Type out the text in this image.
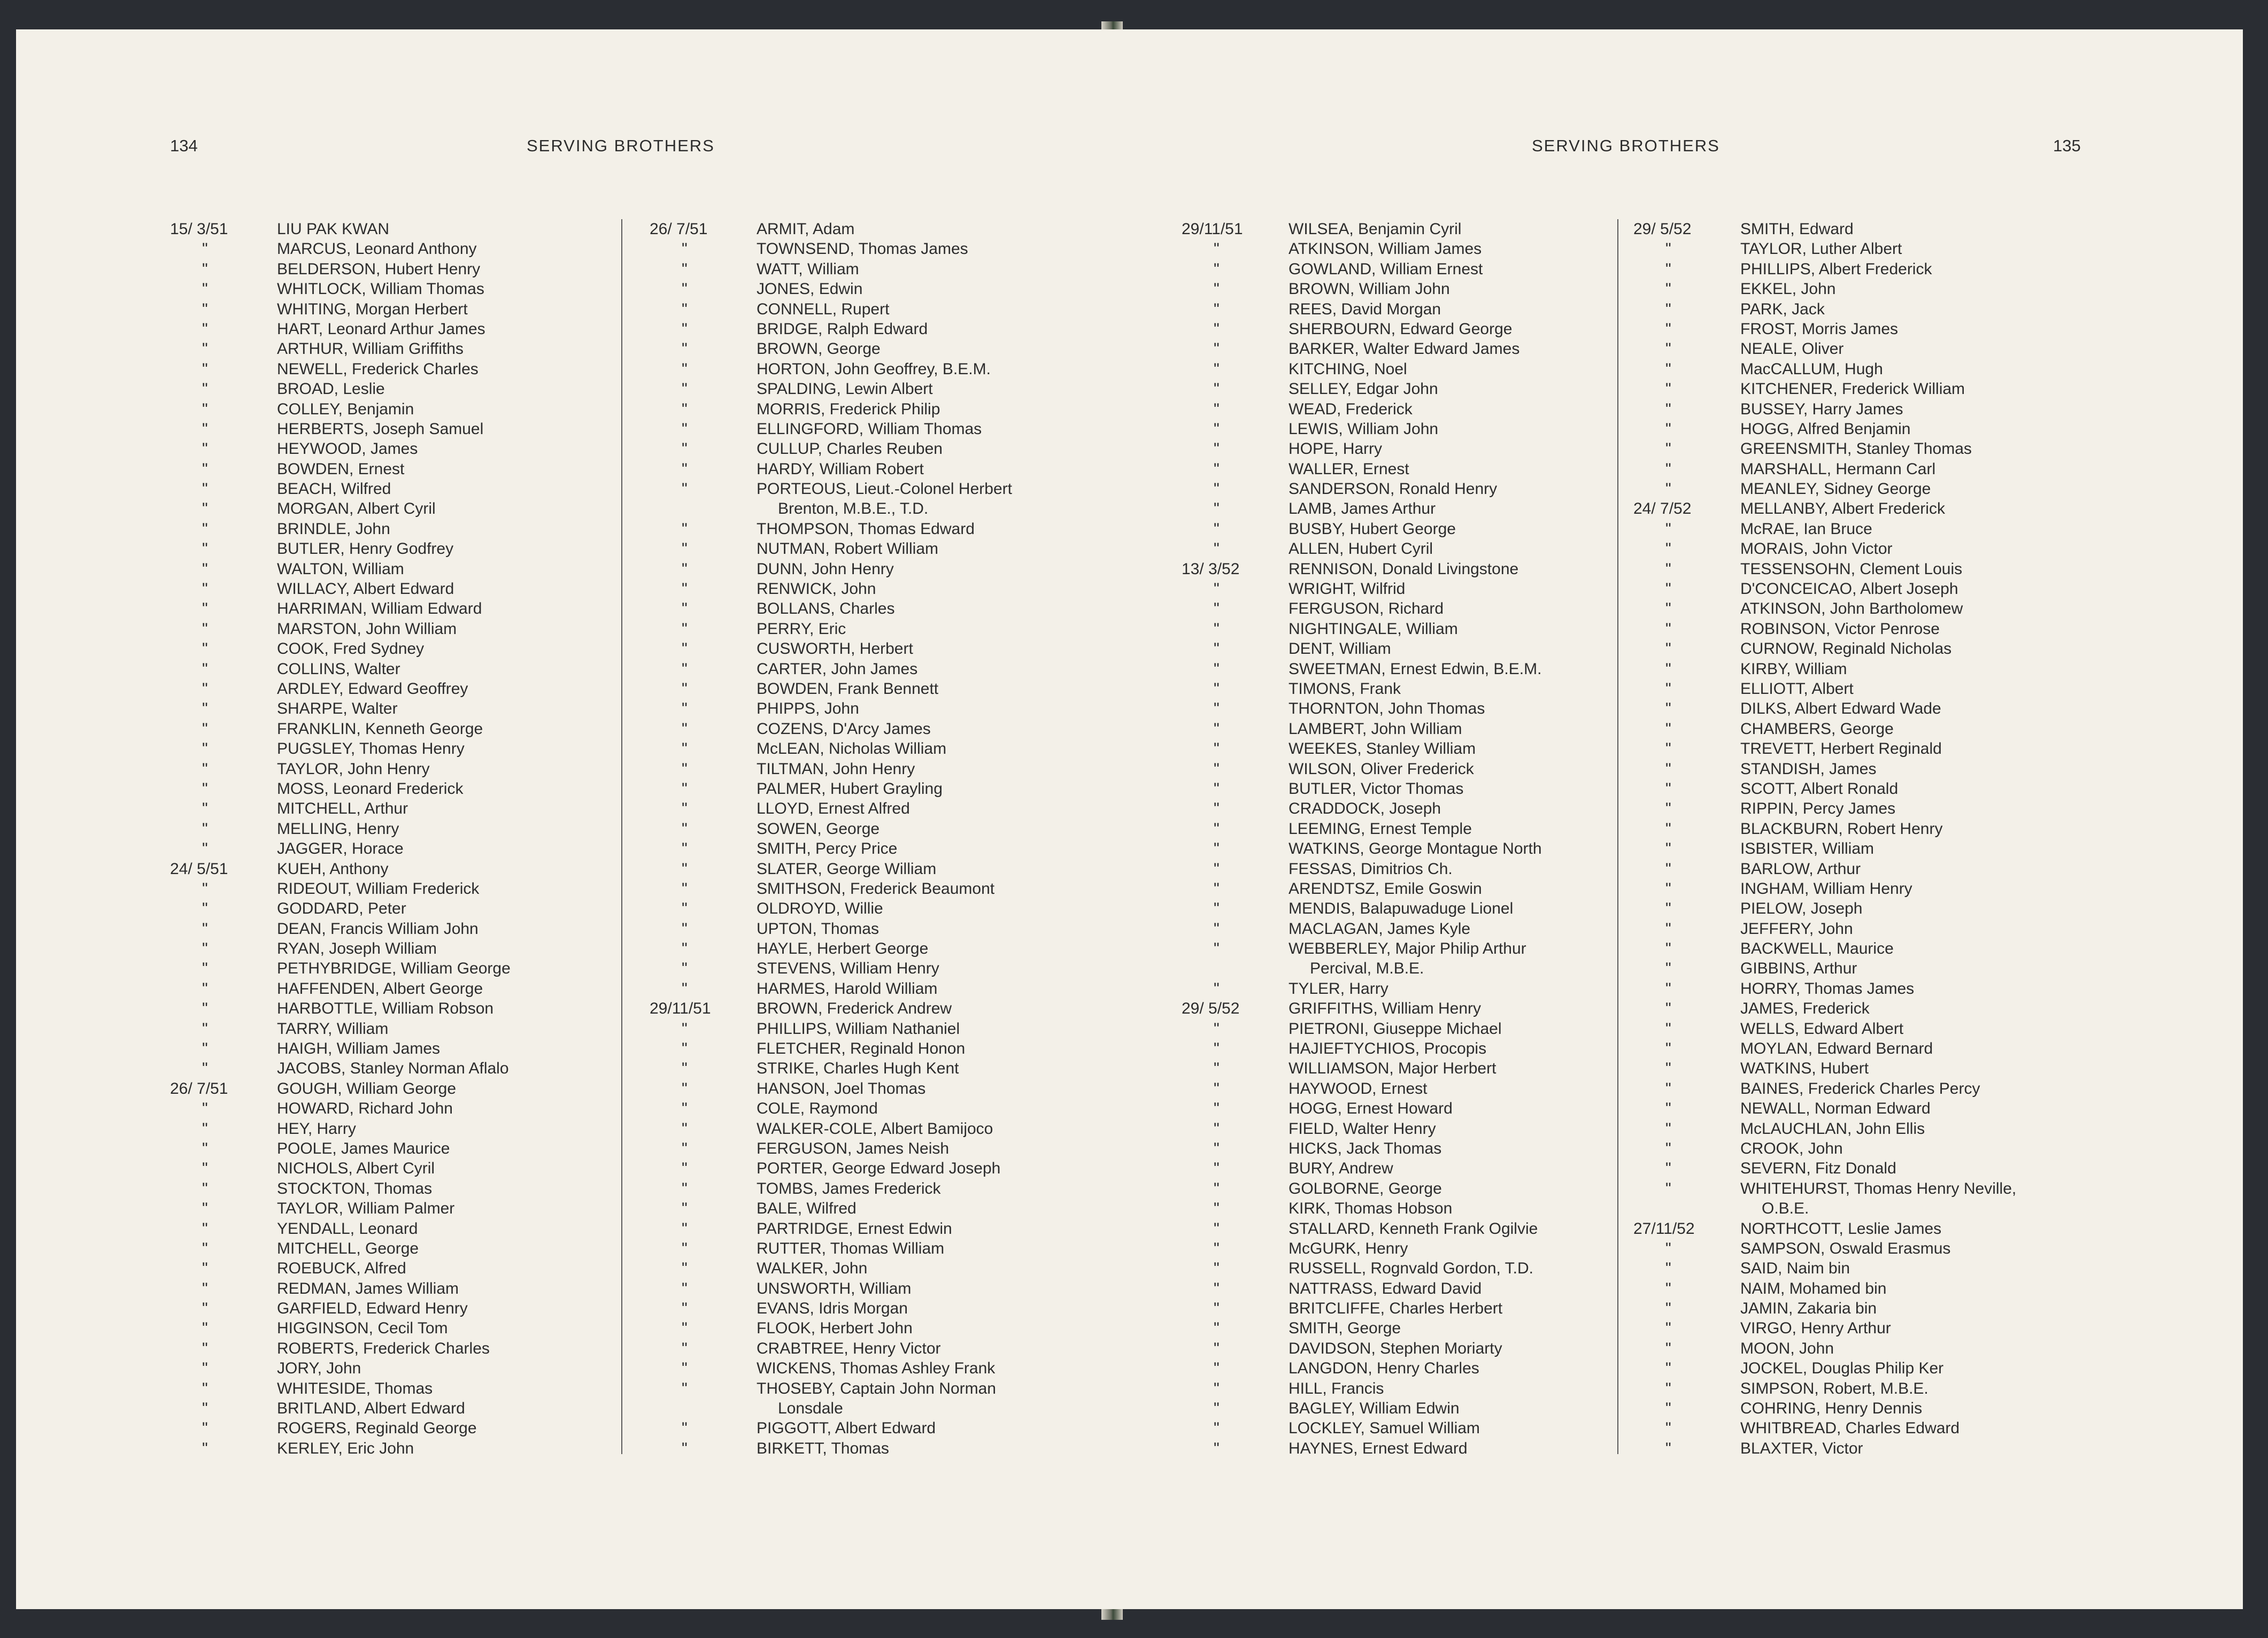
134	SERVING BROTHERS
15/ 3/51	LIU PAK KWAN
"	MARCUS, Leonard Anthony
"	BELDERSON, Hubert Henry
"	WHITLOCK, William Thomas
"	WHITING, Morgan Herbert
"	HART, Leonard Arthur James
"	ARTHUR, William Griffiths
"	NEWELL, Frederick Charles
"	BROAD, Leslie
"	COLLEY, Benjamin
"	HERBERTS, Joseph Samuel
"	HEYWOOD, James
"	BOWDEN, Ernest
"	BEACH, Wilfred
"	MORGAN, Albert Cyril
"	BRINDLE, John
"	BUTLER, Henry Godfrey
"	WALTON, William
"	WILLACY, Albert Edward
"	HARRIMAN, William Edward
"	MARSTON, John William
"	COOK, Fred Sydney
"	COLLINS, Walter
"	ARDLEY, Edward Geoffrey
"	SHARPE, Walter
"	FRANKLIN, Kenneth George
"	PUGSLEY, Thomas Henry
"	TAYLOR, John Henry
"	MOSS, Leonard Frederick
"	MITCHELL, Arthur
"	MELLING, Henry
"	JAGGER, Horace
24/ 5/51	KUEH, Anthony
"	RIDEOUT, William Frederick
"	GODDARD, Peter
"	DEAN, Francis William John
"	RYAN, Joseph William
"	PETHYBRIDGE, William George
"	HAFFENDEN, Albert George
"	HARBOTTLE, William Robson
"	TARRY, William
"	HAIGH, William James
"	JACOBS, Stanley Norman Aflalo
26/ 7/51	GOUGH, William George
"	HOWARD, Richard John
"	HEY, Harry
"	POOLE, James Maurice
"	NICHOLS, Albert Cyril
"	STOCKTON, Thomas
"	TAYLOR, William Palmer
"	YENDALL, Leonard
"	MITCHELL, George
"	ROEBUCK, Alfred
"	REDMAN, James William
"	GARFIELD, Edward Henry
"	HIGGINSON, Cecil Tom
"	ROBERTS, Frederick Charles
"	JORY, John
"	WHITESIDE, Thomas
"	BRITLAND, Albert Edward
"	ROGERS, Reginald George
"	KERLEY, Eric John
26/ 7/51	ARMIT, Adam
"	TOWNSEND, Thomas James
"	WATT, William
"	JONES, Edwin
"	CONNELL, Rupert
"	BRIDGE, Ralph Edward
"	BROWN, George
"	HORTON, John Geoffrey, B.E.M.
"	SPALDING, Lewin Albert
"	MORRIS, Frederick Philip
"	ELLINGFORD, William Thomas
"	CULLUP, Charles Reuben
"	HARDY, William Robert
"	PORTEOUS, Lieut.-Colonel Herbert
Brenton, M.B.E., T.D.
"	THOMPSON, Thomas Edward
"	NUTMAN, Robert William
"	DUNN, John Henry
"	RENWICK, John
"	BOLLANS, Charles
"	PERRY, Eric
"	CUSWORTH, Herbert
"	CARTER, John James
"	BOWDEN, Frank Bennett
"	PHIPPS, John
"	COZENS, D'Arcy James
"	McLEAN, Nicholas William
"	TILTMAN, John Henry
"	PALMER, Hubert Grayling
"	LLOYD, Ernest Alfred
"	SOWEN, George
"	SMITH, Percy Price
"	SLATER, George William
"	SMITHSON, Frederick Beaumont
"	OLDROYD, Willie
"	UPTON, Thomas
"	HAYLE, Herbert George
"	STEVENS, William Henry
"	HARMES, Harold William
29/11/51	BROWN, Frederick Andrew
"	PHILLIPS, William Nathaniel
"	FLETCHER, Reginald Honon
"	STRIKE, Charles Hugh Kent
"	HANSON, Joel Thomas
"	COLE, Raymond
"	WALKER-COLE, Albert Bamijoco
"	FERGUSON, James Neish
"	PORTER, George Edward Joseph
"	TOMBS, James Frederick
"	BALE, Wilfred
"	PARTRIDGE, Ernest Edwin
"	RUTTER, Thomas William
"	WALKER, John
"	UNSWORTH, William
"	EVANS, Idris Morgan
"	FLOOK, Herbert John
"	CRABTREE, Henry Victor
"	WICKENS, Thomas Ashley Frank
"	THOSEBY, Captain John Norman
Lonsdale
"	PIGGOTT, Albert Edward
"	BIRKETT, Thomas
135
SERVING BROTHERS
29/11/51	WILSEA, Benjamin Cyril
"	ATKINSON, William James
"	GOWLAND, William Ernest
"	BROWN, William John
"	REES, David Morgan
"	SHERBOURN, Edward George
"	BARKER, Walter Edward James
"	KITCHING, Noel
"	SELLEY, Edgar John
"	WEAD, Frederick
"	LEWIS, William John
"	HOPE, Harry
"	WALLER, Ernest
"	SANDERSON, Ronald Henry
"	LAMB, James Arthur
"	BUSBY, Hubert George
"	ALLEN, Hubert Cyril
13/ 3/52	RENNISON, Donald Livingstone
"	WRIGHT, Wilfrid
"	FERGUSON, Richard
"	NIGHTINGALE, William
"	DENT, William
"	SWEETMAN, Ernest Edwin, B.E.M.
"	TIMONS, Frank
"	THORNTON, John Thomas
"	LAMBERT, John William
"	WEEKES, Stanley William
"	WILSON, Oliver Frederick
"	BUTLER, Victor Thomas
"	CRADDOCK, Joseph
"	LEEMING, Ernest Temple
"	WATKINS, George Montague North
"	FESSAS, Dimitrios Ch.
"	ARENDTSZ, Emile Goswin
"	MENDIS, Balapuwaduge Lionel
"	MACLAGAN, James Kyle
"	WEBBERLEY, Major Philip Arthur
Percival, M.B.E.
"	TYLER, Harry
29/ 5/52	GRIFFITHS, William Henry
"	PIETRONI, Giuseppe Michael
"	HAJIEFTYCHIOS, Procopis
"	WILLIAMSON, Major Herbert
"	HAYWOOD, Ernest
"	HOGG, Ernest Howard
"	FIELD, Walter Henry
"	HICKS, Jack Thomas
"	BURY, Andrew
"	GOLBORNE, George
"	KIRK, Thomas Hobson
"	STALLARD, Kenneth Frank Ogilvie
"	McGURK, Henry
"	RUSSELL, Rognvald Gordon, T.D.
"	NATTRASS, Edward David
"	BRITCLIFFE, Charles Herbert
"	SMITH, George
"	DAVIDSON, Stephen Moriarty
"	LANGDON, Henry Charles
"	HILL, Francis
"	BAGLEY, William Edwin
"	LOCKLEY, Samuel William
"	HAYNES, Ernest Edward
29/ 5/52	SMITH, Edward
"	TAYLOR, Luther Albert
"	PHILLIPS, Albert Frederick
"	EKKEL, John
"	PARK, Jack
"	FROST, Morris James
"	NEALE, Oliver
"	MacCALLUM, Hugh
"	KITCHENER, Frederick William
"	BUSSEY, Harry James
"	HOGG, Alfred Benjamin
"	GREENSMITH, Stanley Thomas
"	MARSHALL, Hermann Carl
"	MEANLEY, Sidney George
24/ 7/52	MELLANBY, Albert Frederick
"	McRAE, Ian Bruce
"	MORAIS, John Victor
"	TESSENSOHN, Clement Louis
"	D'CONCEICAO, Albert Joseph
"	ATKINSON, John Bartholomew
"	ROBINSON, Victor Penrose
"	CURNOW, Reginald Nicholas
"	KIRBY, William
"	ELLIOTT, Albert
"	DILKS, Albert Edward Wade
"	CHAMBERS, George
"	TREVETT, Herbert Reginald
"	STANDISH, James
"	SCOTT, Albert Ronald
"	RIPPIN, Percy James
"	BLACKBURN, Robert Henry
"	ISBISTER, William
"	BARLOW, Arthur
"	INGHAM, William Henry
"	PIELOW, Joseph
"	JEFFERY, John
"	BACKWELL, Maurice
"	GIBBINS, Arthur
"	HORRY, Thomas James
"	JAMES, Frederick
"	WELLS, Edward Albert
"	MOYLAN, Edward Bernard
"	WATKINS, Hubert
"	BAINES, Frederick Charles Percy
"	NEWALL, Norman Edward
"	McLAUCHLAN, John Ellis
"	CROOK, John
"	SEVERN, Fitz Donald
"	WHITEHURST, Thomas Henry Neville,
O.B.E.
27/11/52	NORTHCOTT, Leslie James
"	SAMPSON, Oswald Erasmus
"	SAID, Naim bin
"	NAIM, Mohamed bin
"	JAMIN, Zakaria bin
"	VIRGO, Henry Arthur
"	MOON, John
"	JOCKEL, Douglas Philip Ker
"	SIMPSON, Robert, M.B.E.
"	COHRING, Henry Dennis
"	WHITBREAD, Charles Edward
"	BLAXTER, Victor
